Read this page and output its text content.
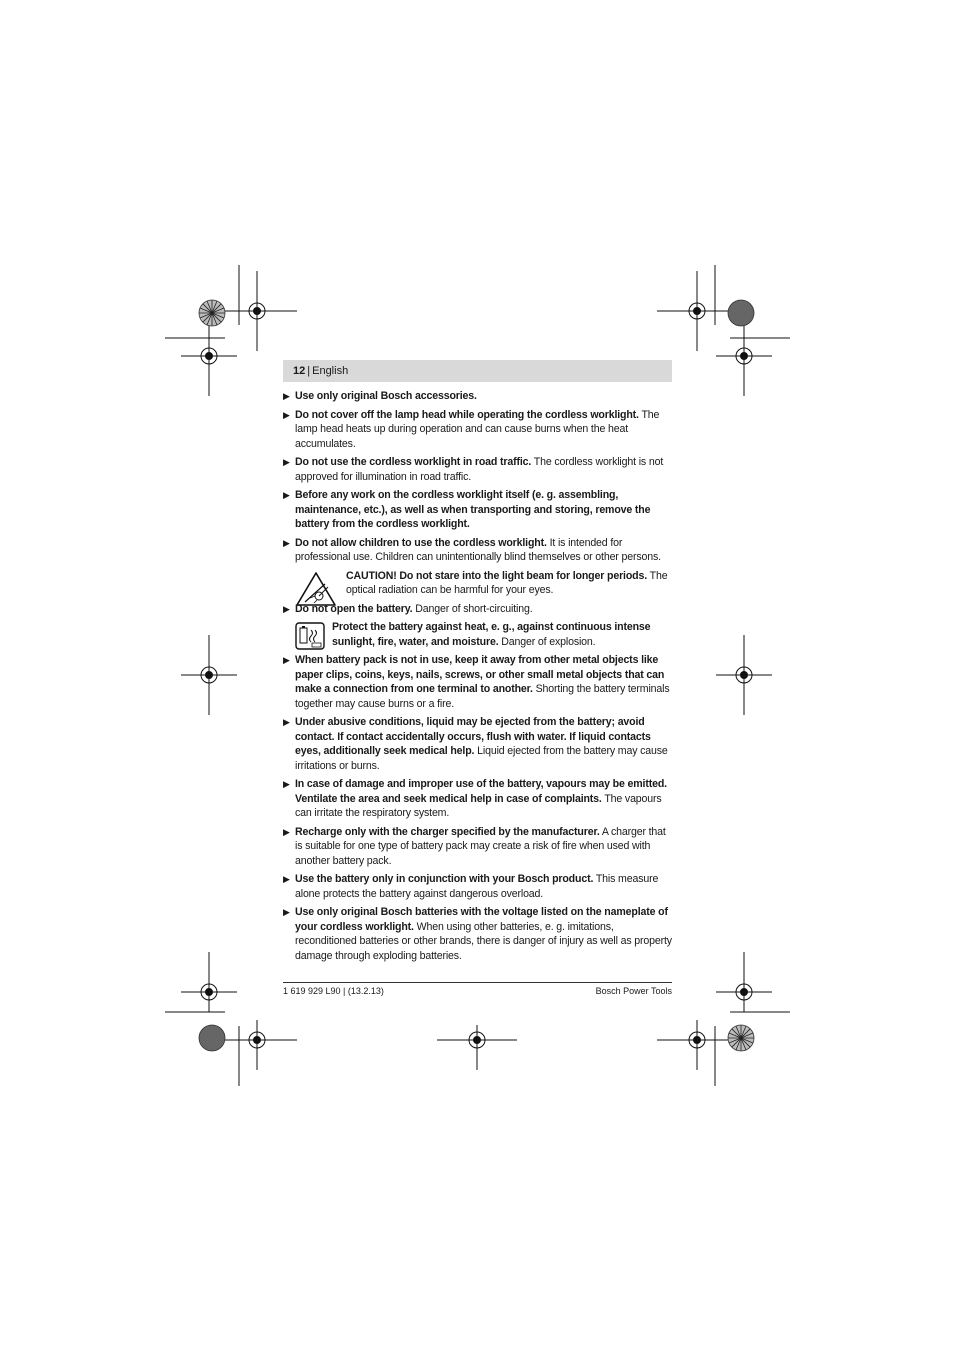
12 | English
▶ Use only original Bosch accessories.
▶ Do not cover off the lamp head while operating the cordless worklight. The lamp head heats up during operation and can cause burns when the heat accumulates.
▶ Do not use the cordless worklight in road traffic. The cordless worklight is not approved for illumination in road traffic.
▶ Before any work on the cordless worklight itself (e. g. assembling, maintenance, etc.), as well as when transporting and storing, remove the battery from the cordless worklight.
▶ Do not allow children to use the cordless worklight. It is intended for professional use. Children can unintentionally blind themselves or other persons.
CAUTION! Do not stare into the light beam for longer periods. The optical radiation can be harmful for your eyes.
▶ Do not open the battery. Danger of short-circuiting.
Protect the battery against heat, e. g., against continuous intense sunlight, fire, water, and moisture. Danger of explosion.
▶ When battery pack is not in use, keep it away from other metal objects like paper clips, coins, keys, nails, screws, or other small metal objects that can make a connection from one terminal to another. Shorting the battery terminals together may cause burns or a fire.
▶ Under abusive conditions, liquid may be ejected from the battery; avoid contact. If contact accidentally occurs, flush with water. If liquid contacts eyes, additionally seek medical help. Liquid ejected from the battery may cause irritations or burns.
▶ In case of damage and improper use of the battery, vapours may be emitted. Ventilate the area and seek medical help in case of complaints. The vapours can irritate the respiratory system.
▶ Recharge only with the charger specified by the manufacturer. A charger that is suitable for one type of battery pack may create a risk of fire when used with another battery pack.
▶ Use the battery only in conjunction with your Bosch product. This measure alone protects the battery against dangerous overload.
▶ Use only original Bosch batteries with the voltage listed on the nameplate of your cordless worklight. When using other batteries, e. g. imitations, reconditioned batteries or other brands, there is danger of injury as well as property damage through exploding batteries.
1 619 929 L90 | (13.2.13)	Bosch Power Tools
